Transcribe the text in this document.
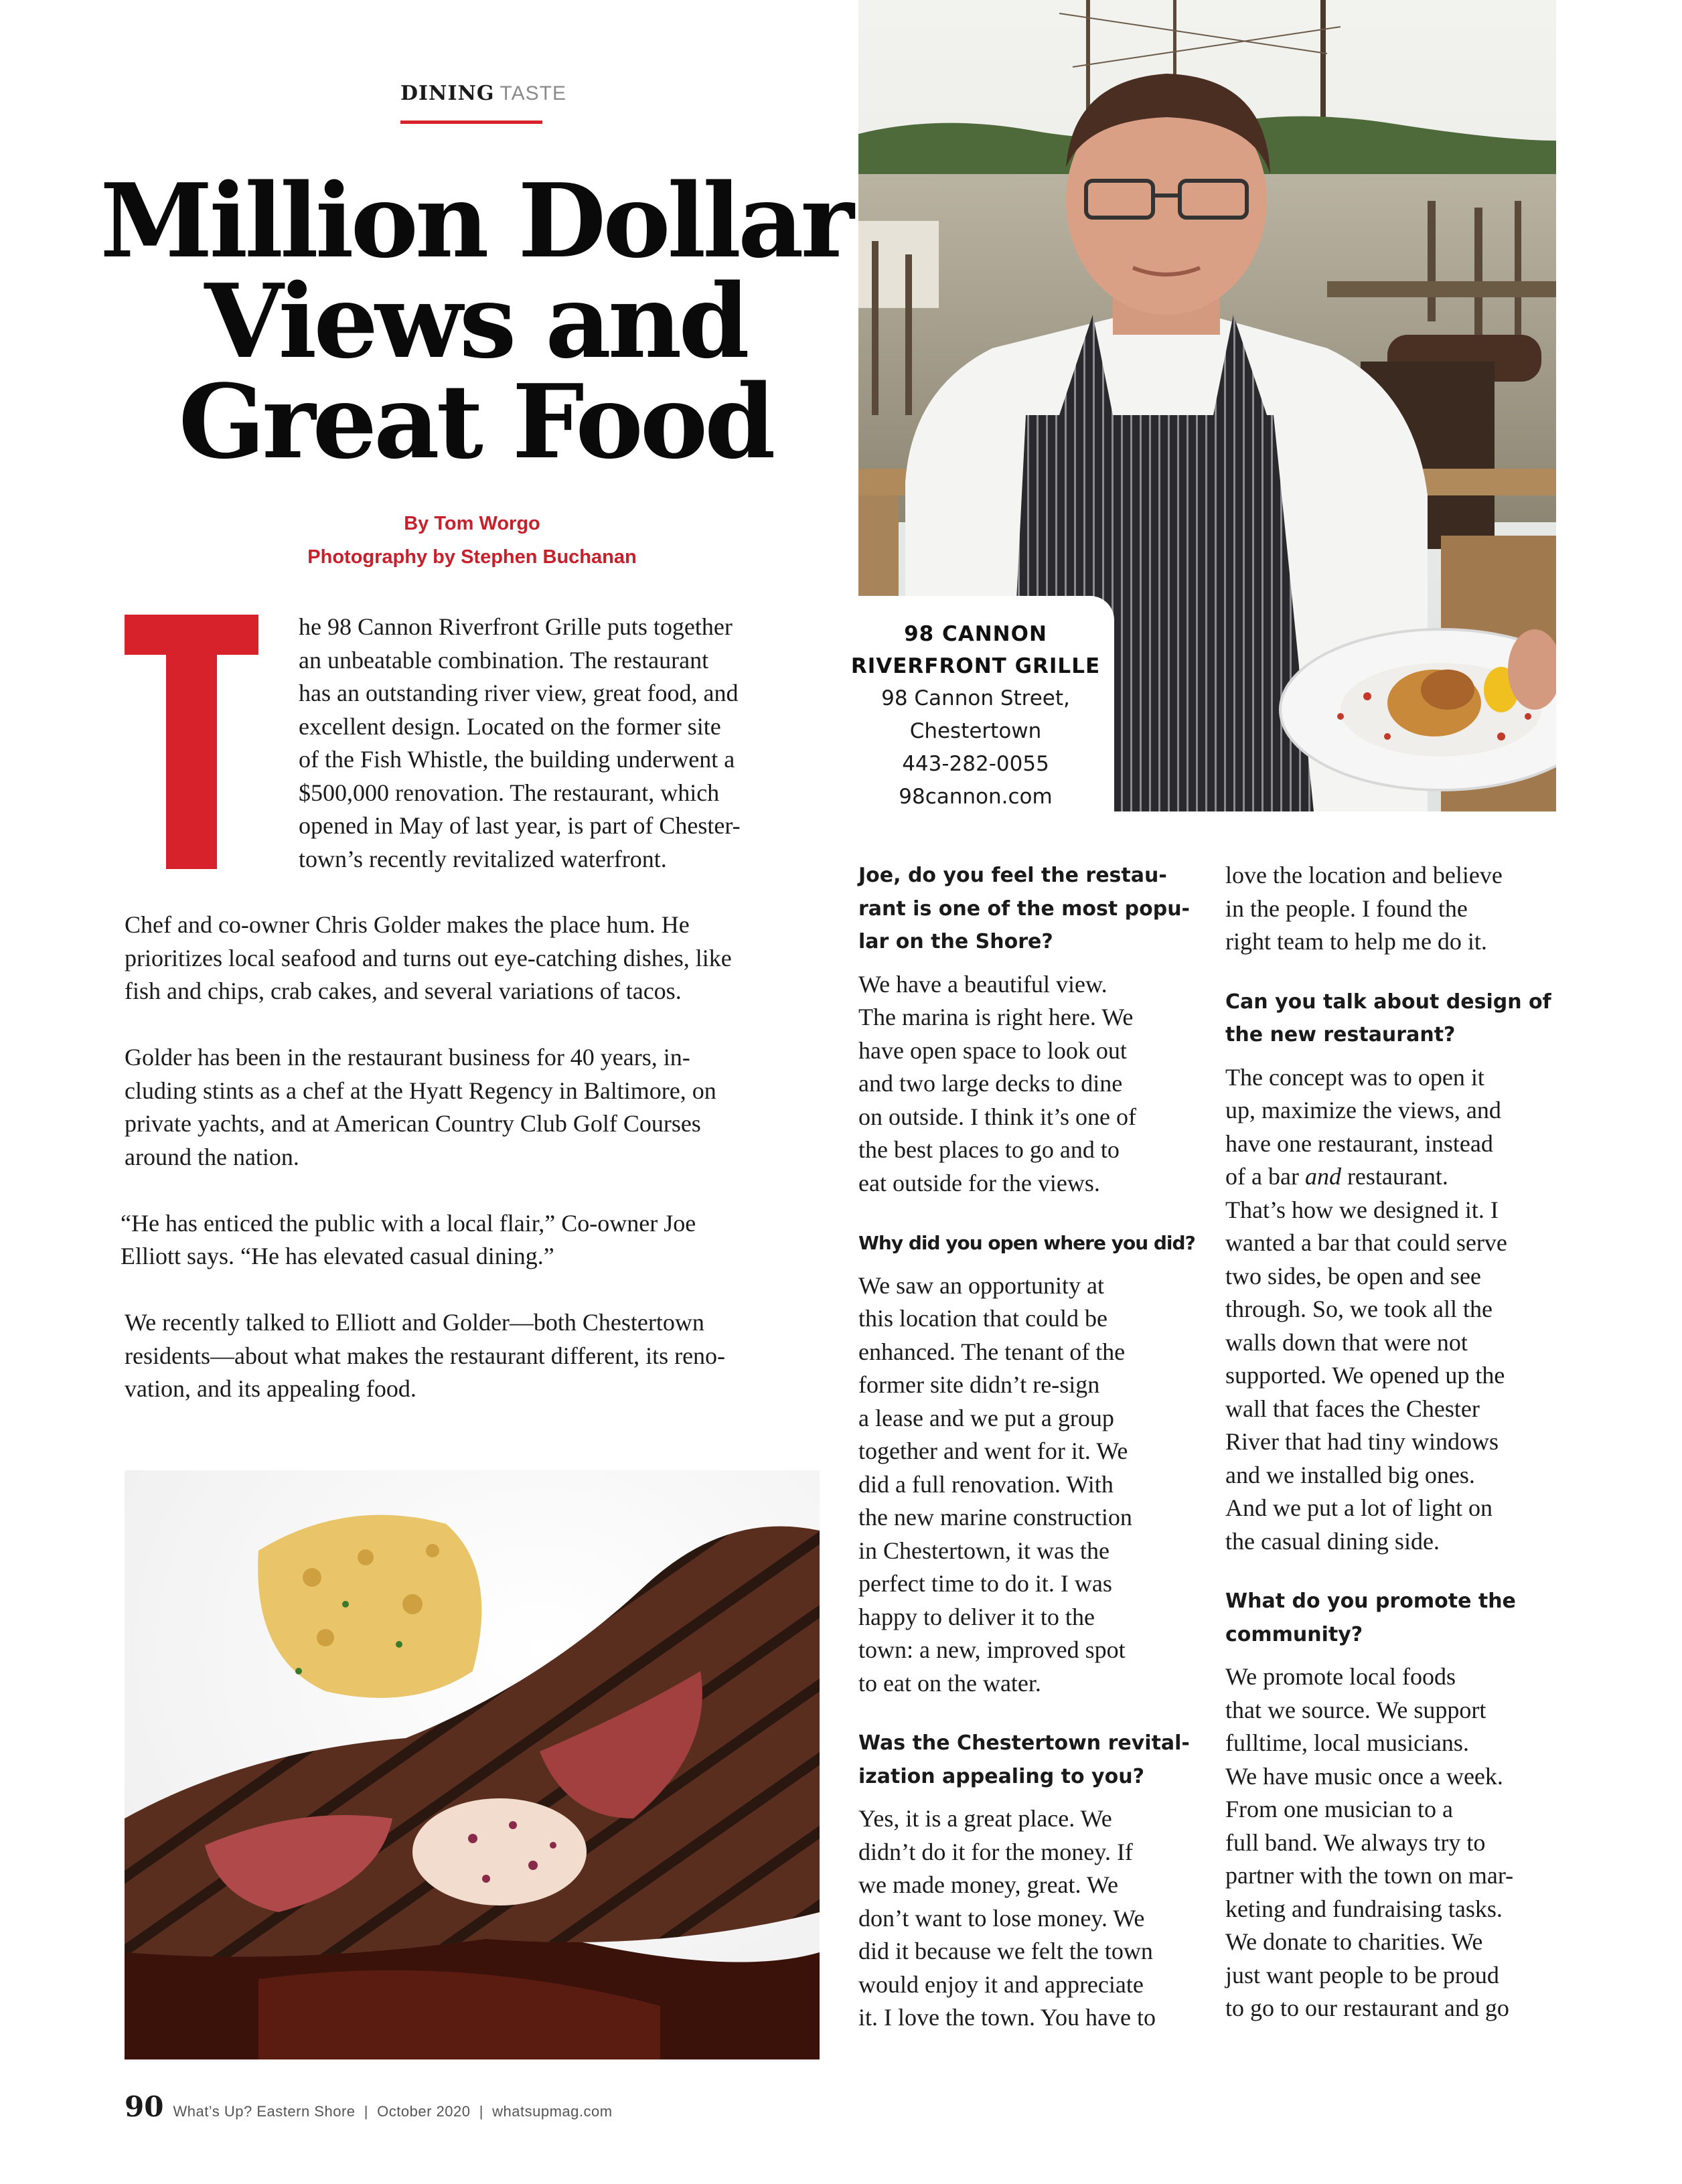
DINING TASTE
Million Dollar
Views and
Great Food
By Tom Worgo
Photography by Stephen Buchanan
T
he 98 Cannon Riverfront Grille puts together
an unbeatable combination. The restaurant
has an outstanding river view, great food, and
excellent design. Located on the former site
of the Fish Whistle, the building underwent a
$500,000 renovation. The restaurant, which
opened in May of last year, is part of Chester-
town’s recently revitalized waterfront.

Chef and co-owner Chris Golder makes the place hum. He
prioritizes local seafood and turns out eye-catching dishes, like
fish and chips, crab cakes, and several variations of tacos.

Golder has been in the restaurant business for 40 years, in-
cluding stints as a chef at the Hyatt Regency in Baltimore, on
private yachts, and at American Country Club Golf Courses
around the nation.

“He has enticed the public with a local flair,” Co-owner Joe
Elliott says. “He has elevated casual dining.”

We recently talked to Elliott and Golder—both Chestertown
residents—about what makes the restaurant different, its reno-
vation, and its appealing food.

98 CANNON
RIVERFRONT GRILLE
98 Cannon Street,
Chestertown
443-282-0055
98cannon.com

Joe, do you feel the restau-
rant is one of the most popu-
lar on the Shore?

We have a beautiful view.
The marina is right here. We
have open space to look out
and two large decks to dine
on outside. I think it’s one of
the best places to go and to
eat outside for the views.

Why did you open where you did?

We saw an opportunity at
this location that could be
enhanced. The tenant of the
former site didn’t re-sign
a lease and we put a group
together and went for it. We
did a full renovation. With
the new marine construction
in Chestertown, it was the
perfect time to do it. I was
happy to deliver it to the
town: a new, improved spot
to eat on the water.

Was the Chestertown revital-
ization appealing to you?

Yes, it is a great place. We
didn’t do it for the money. If
we made money, great. We
don’t want to lose money. We
did it because we felt the town
would enjoy it and appreciate
it. I love the town. You have to

love the location and believe
in the people. I found the
right team to help me do it.

Can you talk about design of
the new restaurant?

The concept was to open it
up, maximize the views, and
have one restaurant, instead
of a bar and restaurant.
That’s how we designed it. I
wanted a bar that could serve
two sides, be open and see
through. So, we took all the
walls down that were not
supported. We opened up the
wall that faces the Chester
River that had tiny windows
and we installed big ones.
And we put a lot of light on
the casual dining side.

What do you promote the
community?

We promote local foods
that we source. We support
fulltime, local musicians.
We have music once a week.
From one musician to a
full band. We always try to
partner with the town on mar-
keting and fundraising tasks.
We donate to charities. We
just want people to be proud
to go to our restaurant and go

90 What’s Up? Eastern Shore  |  October 2020  |  whatsupmag.com
